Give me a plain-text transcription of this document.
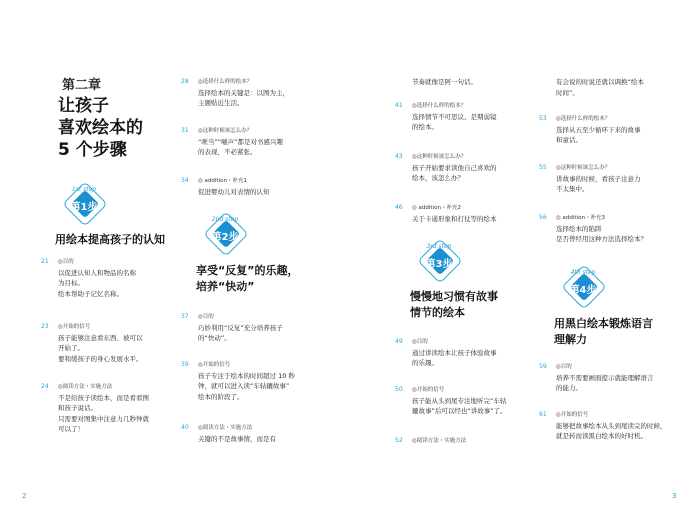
第二章
让孩子
喜欢绘本的
5 个步骤
1st step
第1步
用绘本提高孩子的认知
21 ◎目的
以促进认知人和物品的名称
为目标。
绘本帮助子记忆名称。
23 ◎开始的信号
孩子能够注意看东西、被可以
开始了。
要和缓孩子的身心发展水平。
24 ◎阅读方法・实施方法
不是给孩子读绘本，而是看看图
和孩子说话。
只需要对图集中注意力几秒钟就
可以了！
28 ◎选择什么样的绘本？
选择绘本的关键是：以图为主，
主题贴近生活。
31 ◎这种时候该怎么办？
“哐当”“嘣声”都是对书感兴趣
的表现，不必紧张。
34 ◎ addition・补充1
促进婴幼儿对表情的认知
2nd step
第2步
享受“反复”的乐趣，
培养“快动”
37 ◎目的
巧妙利用“反复”充分培养孩子
的“快动”。
39 ◎开始的信号
孩子专注于绘本的时间超过 10 秒
钟，就可以进入读“车轱辘故事”
绘本的阶段了。
40 ◎阅读方法・实施方法
关键的不是故事情，而是有
2
节奏就像是阿一句话。
41 ◎选择什么样的绘本？
选择情节不可思议、是期弱镜
的绘本。
43 ◎这种时候该怎么办？
孩子开始要求读他自己喜欢的
绘本，该怎么办？
46 ◎ addition・补充2
关于卡通形象和打仗等的绘本
3rd step
第3步
慢慢地习惯有故事
情节的绘本
49 ◎目的
通过讲读绘本让孩子体验故事
的乐趣。
50 ◎开始的信号
孩子能从头到尾专注地听完“车轱
辘故事”后可以经也“讲故事”了。
52 ◎阅读方法・实施方法
有会说的时说还就以调换“绘本
时间”。
53 ◎选择什么样的绘本？
选择从五至少循环下来的故事
和童话。
55 ◎这种时候该怎么办？
讲故事的时候，看孩子注意力
不太集中。
56 ◎ addition・补充3
选择绘本的陷阱
是否曾经用这种方法选择绘本？
4th step
第4步
用黑白绘本锻炼语言
理解力
59 ◎目的
培养不需要画面提示就能理解语言
的能力。
61 ◎开始的信号
能够把故事绘本从头到尾读完的时候，
就是转而读黑白绘本的好时机。
3
